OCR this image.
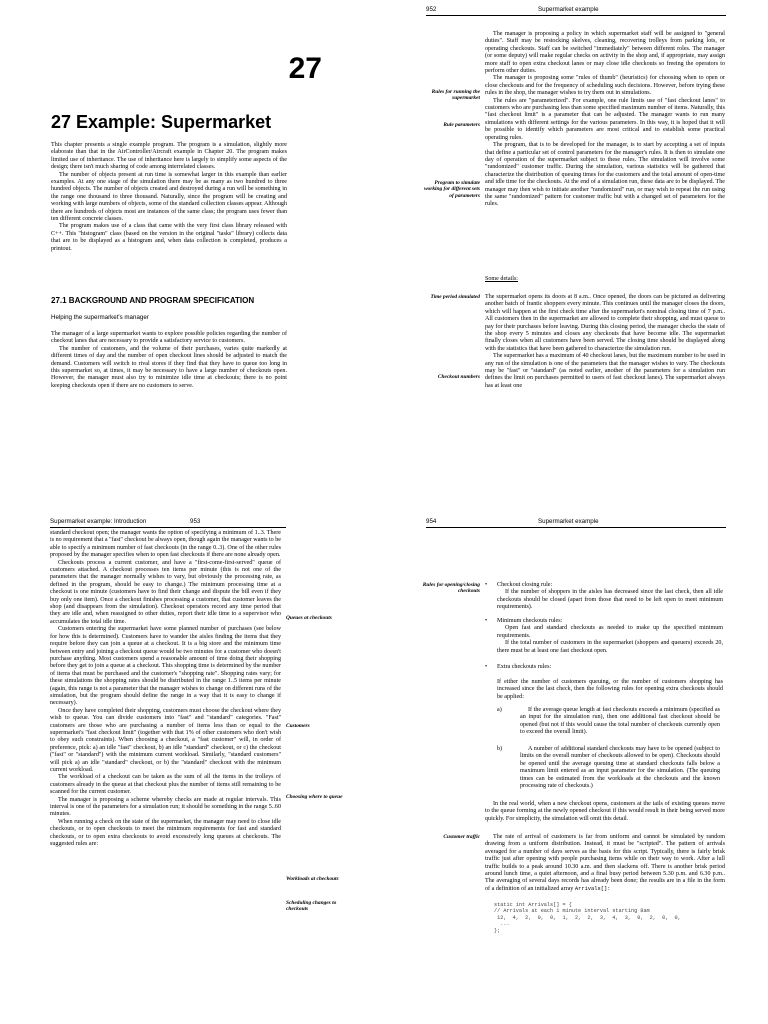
27
27 Example: Supermarket

This chapter presents a single example program. The program is a simulation, slightly more elaborate than that in the AirController/Aircraft example in Chapter 20. The program makes limited use of inheritance. The use of inheritance here is largely to simplify some aspects of the design; there isn't much sharing of code among interrelated classes.

The number of objects present at run time is somewhat larger in this example than earlier examples. At any one stage of the simulation there may be as many as two hundred to three hundred objects. The number of objects created and destroyed during a run will be something in the range one thousand to three thousand. Naturally, since the program will be creating and working with large numbers of objects, some of the standard collection classes appear. Although there are hundreds of objects most are instances of the same class; the program uses fewer than ten different concrete classes.

The program makes use of a class that came with the very first class library released with C++. This "histogram" class (based on the version in the original "tasks" library) collects data that are to be displayed as a histogram and, when data collection is completed, produces a printout.

27.1 BACKGROUND AND PROGRAM SPECIFICATION
Helping the supermarket's manager

The manager of a large supermarket wants to explore possible policies regarding the number of checkout lanes that are necessary to provide a satisfactory service to customers.

The number of customers, and the volume of their purchases, varies quite markedly at different times of day and the number of open checkout lines should be adjusted to match the demand. Customers will switch to rival stores if they find that they have to queue too long in this supermarket so, at times, it may be necessary to have a large number of checkouts open. However, the manager must also try to minimize idle time at checkouts; there is no point keeping checkouts open if there are no customers to serve.

952	Supermarket example
Rules for running the supermarket
Rule parameters
Program to simulate working for different sets of parameters
Time period simulated
Checkout numbers

The manager is proposing a policy in which supermarket staff will be assigned to "general duties". Staff may be restocking skelves, cleaning, recovering trolleys from parking lots, or operating checkouts. Staff can be switched "immediately" between different roles. The manager (or some deputy) will make regular checks on activity in the shop and, if appropriate, may assign more staff to open extra checkout lanes or may close idle checkouts so freeing the operators to perform other duties.

The manager is proposing some "rules of thumb" (heuristics) for choosing when to open or close checkouts and for the frequency of scheduling such decisions. However, before trying these rules in the shop, the manager wishes to try them out in simulations.

The rules are "parameterized". For example, one rule limits use of "fast checkout lanes" to customers who are purchasing less than some specified maximum number of items. Naturally, this "fast checkout limit" is a parameter that can be adjusted. The manager wants to run many simulations with different settings for the various parameters. In this way, it is hoped that it will be possible to identify which parameters are most critical and to establish some practical operating rules.

The program, that is to be developed for the manager, is to start by accepting a set of inputs that define a particular set of control parameters for the manager's rules. It is then to simulate one day of operation of the supermarket subject to these rules. The simulation will involve some "randomized" customer traffic. During the simulation, various statistics will be gathered that characterize the distribution of queuing times for the customers and the total amount of open-time and idle time for the checkouts. At the end of a simulation run, these data are to be displayed. The manager may then wish to initiate another "randomized" run, or may wish to repeat the run using the same "randomized" pattern for customer traffic but with a changed set of parameters for the rules.

Some details:

The supermarket opens its doors at 8 a.m.. Once opened, the doors can be pictured as delivering another batch of frantic shoppers every minute. This continues until the manager closes the doors, which will happen at the first check time after the supermarket's nominal closing time of 7 p.m.. All customers then in the supermarket are allowed to complete their shopping, and must queue to pay for their purchases before leaving. During this closing period, the manager checks the state of the shop every 5 minutes and closes any checkouts that have become idle. The supermarket finally closes when all customers have been served. The closing time should be displayed along with the statistics that have been gathered to characterize the simulation run.

The supermarket has a maximum of 40 checkout lanes, but the maximum number to be used in any run of the simulation is one of the parameters that the manager wishes to vary. The checkouts may be "fast" or "standard" (as noted earlier, another of the parameters for a simulation run defines the limit on purchases permitted to users of fast checkout lanes). The supermarket always has at least one

Supermarket example: Introduction	953

standard checkout open; the manager wants the option of specifying a minimum of 1..3. There is no requirement that a "fast" checkout be always open, though again the manager wants to be able to specify a minimum number of fast checkouts (in the range 0..3). One of the other rules proposed by the manager specifies when to open fast checkouts if there are none already open.

Checkouts process a current customer, and have a "first-come-first-served" queue of customers attached. A checkout processes ten items per minute (this is not one of the parameters that the manager normally wishes to vary, but obviously the processing rate, as defined in the program, should be easy to change.) The minimum processing time at a checkout is one minute (customers have to find their change and dispute the bill even if they buy only one item). Once a checkout finishes processing a customer, that customer leaves the shop (and disappears from the simulation). Checkout operators record any time period that they are idle and, when reassigned to other duties, report their idle time to a supervisor who accumulates the total idle time.

Customers entering the supermarket have some planned number of purchases (see below for how this is determined). Customers have to wander the aisles finding the items that they require before they can join a queue at a checkout. It is a big store and the minimum time between entry and joining a checkout queue would be two minutes for a customer who doesn't purchase anything. Most customers spend a reasonable amount of time doing their shopping before they get to join a queue at a checkout. This shopping time is determined by the number of items that must be purchased and the customer's "shopping rate". Shopping rates vary; for these simulations the shopping rates should be distributed in the range 1..5 items per minute (again, this range is not a parameter that the manager wishes to change on different runs of the simulation, but the program should define the range in a way that it is easy to change if necessary).

Once they have completed their shopping, customers must choose the checkout where they wish to queue. You can divide customers into "fast" and "standard" categories. "Fast" customers are those who are purchasing a number of items less than or equal to the supermarket's "fast checkout limit" (together with that 1% of other customers who don't wish to obey such constraints). When choosing a checkout, a "fast customer" will, in order of preference, pick: a) an idle "fast" checkout, b) an idle "standard" checkout, or c) the checkout ("fast" or "standard") with the minimum current workload. Similarly, "standard customers" will pick a) an idle "standard" checkout, or b) the "standard" checkout with the minimum current workload.

The workload of a checkout can be taken as the sum of all the items in the trolleys of customers already in the queue at that checkout plus the number of items still remaining to be scanned for the current customer.

The manager is proposing a scheme whereby checks are made at regular intervals. This interval is one of the parameters for a simulation run; it should be something in the range 5..60 minutes.

When running a check on the state of the supermarket, the manager may need to close idle checkouts, or to open checkouts to meet the minimum requirements for fast and standard checkouts, or to open extra checkouts to avoid excessively long queues at checkouts. The suggested rules are:

Queues at checkouts
Customers
Choosing where to queue
Workloads at checkouts
Scheduling changes to checkouts
954	Supermarket example
Rules for opening/closing checkouts
Customer traffic
• Checkout closing rule:

If the number of shoppers in the aisles has decreased since the last check, then all idle checkouts should be closed (apart from those that need to be left open to meet minimum requirements).

• Minimum checkouts rules:

Open fast and standard checkouts as needed to make up the specified minimum requirements.

If the total number of customers in the supermarket (shoppers and queuers) exceeds 20, there must be at least one fast checkout open.

• Extra checkouts rules:

If either the number of customers queuing, or the number of customers shopping has increased since the last check, then the following rules for opening extra checkouts should be applied:

a)	If the average queue length at fast checkouts exceeds a minimum (specified as an input for the simulation run), then one additional fast checkout should be opened (but not if this would cause the total number of checkouts currently open to exceed the overall limit).

b)	A number of additional standard checkouts may have to be opened (subject to limits on the overall number of checkouts allowed to be open). Checkouts should be opened until the average queuing time at standard checkouts falls below a maximum limit entered as an input parameter for the simulation. (The queuing times can be estimated from the workloads at the checkouts and the known processing rate of checkouts.)

In the real world, when a new checkout opens, customers at the tails of existing queues move to the queue forming at the newly opened checkout if this would result in their being served more quickly. For simplicity, the simulation will omit this detail.

The rate of arrival of customers is far from uniform and cannot be simulated by random drawing from a uniform distribution. Instead, it must be "scripted". The pattern of arrivals averaged for a number of days serves as the basis for this script. Typically, there is fairly brisk traffic just after opening with people purchasing items while on their way to work. After a lull traffic builds to a peak around 10.30 a.m. and then slackens off. There is another brisk period around lunch time, a quiet afternoon, and a final busy period between 5.30 p.m. and 6.30 p.m.. The averaging of several days records has already been done; the results are in a file in the form of a definition of an initialized array Arrivals[]:

static int Arrivals[] = {
// Arrivals at each 1 minute interval starting 8am
12,  4,  2,  0,  0,  1,  2,  2,  3,  4,  3,  0,  2,  0,  0,
...
};
